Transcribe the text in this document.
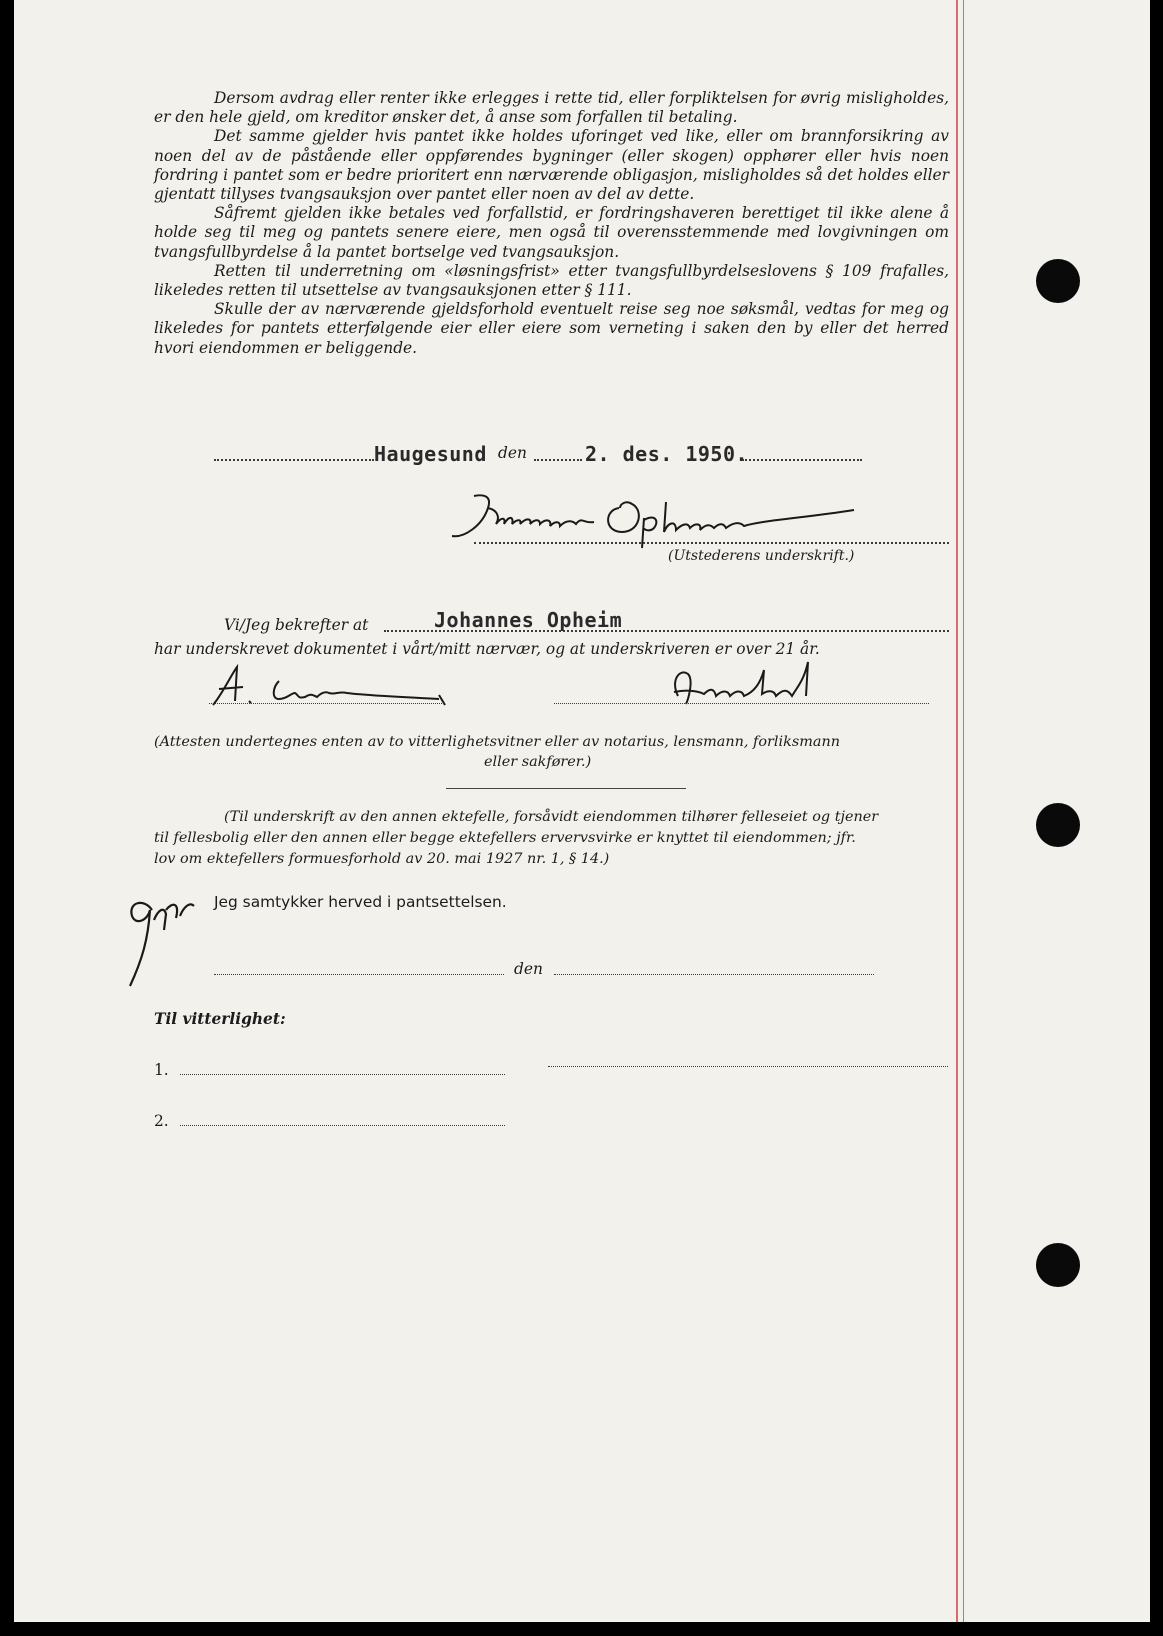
Dersom avdrag eller renter ikke erlegges i rette tid, eller forpliktelsen for øvrig misligholdes, er den hele gjeld, om kreditor ønsker det, å anse som forfallen til betaling.
Det samme gjelder hvis pantet ikke holdes uforinget ved like, eller om brannforsikring av noen del av de påstående eller oppførendes bygninger (eller skogen) opphører eller hvis noen fordring i pantet som er bedre prioritert enn nærværende obligasjon, misligholdes så det holdes eller gjentatt tillyses tvangsauksjon over pantet eller noen av del av dette.
Såfremt gjelden ikke betales ved forfallstid, er fordringshaveren berettiget til ikke alene å holde seg til meg og pantets senere eiere, men også til overensstemmende med lovgivningen om tvangsfullbyrdelse å la pantet bortselge ved tvangsauksjon.
Retten til underretning om «løsningsfrist» etter tvangsfullbyrdelseslovens § 109 frafalles, likeledes retten til utsettelse av tvangsauksjonen etter § 111.
Skulle der av nærværende gjeldsforhold eventuelt reise seg noe søksmål, vedtas for meg og likeledes for pantets etterfølgende eier eller eiere som verneting i saken den by eller det herred hvori eiendommen er beliggende.
Haugesund den	2. des. 1950.
(Utstederens underskrift.)
Vi/Jeg bekrefter at	Johannes Opheim
har underskrevet dokumentet i vårt/mitt nærvær, og at underskriveren er over 21 år.
(Attesten undertegnes enten av to vitterlighetsvitner eller av notarius, lensmann, forliksmann
eller sakfører.)
(Til underskrift av den annen ektefelle, forsåvidt eiendommen tilhører felleseiet og tjener
til fellesbolig eller den annen eller begge ektefellers ervervsvirke er knyttet til eiendommen; jfr.
lov om ektefellers formuesforhold av 20. mai 1927 nr. 1, § 14.)
Jeg samtykker herved i pantsettelsen.
den
Til vitterlighet:
1.
2.
